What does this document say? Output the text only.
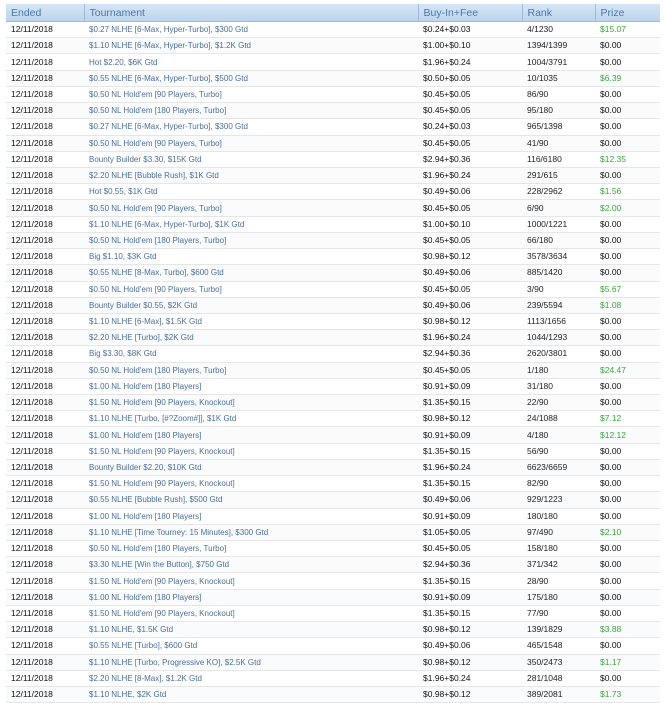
Ended	Tournament	Buy-In+Fee	Rank	Prize
12/11/2018	$0.27 NLHE [6-Max, Hyper-Turbo], $300 Gtd	$0.24+$0.03	4/1230	$15.07
12/11/2018	$1.10 NLHE [6-Max, Hyper-Turbo], $1.2K Gtd	$1.00+$0.10	1394/1399	$0.00
12/11/2018	Hot $2.20, $6K Gtd	$1.96+$0.24	1004/3791	$0.00
12/11/2018	$0.55 NLHE [6-Max, Hyper-Turbo], $500 Gtd	$0.50+$0.05	10/1035	$6.39
12/11/2018	$0.50 NL Hold'em [90 Players, Turbo]	$0.45+$0.05	86/90	$0.00
12/11/2018	$0.50 NL Hold'em [180 Players, Turbo]	$0.45+$0.05	95/180	$0.00
12/11/2018	$0.27 NLHE [6-Max, Hyper-Turbo], $300 Gtd	$0.24+$0.03	965/1398	$0.00
12/11/2018	$0.50 NL Hold'em [90 Players, Turbo]	$0.45+$0.05	41/90	$0.00
12/11/2018	Bounty Builder $3.30, $15K Gtd	$2.94+$0.36	116/6180	$12.35
12/11/2018	$2.20 NLHE [Bubble Rush], $1K Gtd	$1.96+$0.24	291/615	$0.00
12/11/2018	Hot $0.55, $1K Gtd	$0.49+$0.06	228/2962	$1.56
12/11/2018	$0.50 NL Hold'em [90 Players, Turbo]	$0.45+$0.05	6/90	$2.00
12/11/2018	$1.10 NLHE [6-Max, Hyper-Turbo], $1K Gtd	$1.00+$0.10	1000/1221	$0.00
12/11/2018	$0.50 NL Hold'em [180 Players, Turbo]	$0.45+$0.05	66/180	$0.00
12/11/2018	Big $1.10, $3K Gtd	$0.98+$0.12	3578/3634	$0.00
12/11/2018	$0.55 NLHE [8-Max, Turbo], $600 Gtd	$0.49+$0.06	885/1420	$0.00
12/11/2018	$0.50 NL Hold'em [90 Players, Turbo]	$0.45+$0.05	3/90	$5.67
12/11/2018	Bounty Builder $0.55, $2K Gtd	$0.49+$0.06	239/5594	$1.08
12/11/2018	$1.10 NLHE [6-Max], $1.5K Gtd	$0.98+$0.12	1113/1656	$0.00
12/11/2018	$2.20 NLHE [Turbo], $2K Gtd	$1.96+$0.24	1044/1293	$0.00
12/11/2018	Big $3.30, $8K Gtd	$2.94+$0.36	2620/3801	$0.00
12/11/2018	$0.50 NL Hold'em [180 Players, Turbo]	$0.45+$0.05	1/180	$24.47
12/11/2018	$1.00 NL Hold'em [180 Players]	$0.91+$0.09	31/180	$0.00
12/11/2018	$1.50 NL Hold'em [90 Players, Knockout]	$1.35+$0.15	22/90	$0.00
12/11/2018	$1.10 NLHE [Turbo, [#?Zoom#]], $1K Gtd	$0.98+$0.12	24/1088	$7.12
12/11/2018	$1.00 NL Hold'em [180 Players]	$0.91+$0.09	4/180	$12.12
12/11/2018	$1.50 NL Hold'em [90 Players, Knockout]	$1.35+$0.15	56/90	$0.00
12/11/2018	Bounty Builder $2.20, $10K Gtd	$1.96+$0.24	6623/6659	$0.00
12/11/2018	$1.50 NL Hold'em [90 Players, Knockout]	$1.35+$0.15	82/90	$0.00
12/11/2018	$0.55 NLHE [Bubble Rush], $500 Gtd	$0.49+$0.06	929/1223	$0.00
12/11/2018	$1.00 NL Hold'em [180 Players]	$0.91+$0.09	180/180	$0.00
12/11/2018	$1.10 NLHE [Time Tourney: 15 Minutes], $300 Gtd	$1.05+$0.05	97/490	$2.10
12/11/2018	$0.50 NL Hold'em [180 Players, Turbo]	$0.45+$0.05	158/180	$0.00
12/11/2018	$3.30 NLHE [Win the Button], $750 Gtd	$2.94+$0.36	371/342	$0.00
12/11/2018	$1.50 NL Hold'em [90 Players, Knockout]	$1.35+$0.15	28/90	$0.00
12/11/2018	$1.00 NL Hold'em [180 Players]	$0.91+$0.09	175/180	$0.00
12/11/2018	$1.50 NL Hold'em [90 Players, Knockout]	$1.35+$0.15	77/90	$0.00
12/11/2018	$1.10 NLHE, $1.5K Gtd	$0.98+$0.12	139/1829	$3.88
12/11/2018	$0.55 NLHE [Turbo], $600 Gtd	$0.49+$0.06	465/1548	$0.00
12/11/2018	$1.10 NLHE [Turbo, Progressive KO], $2.5K Gtd	$0.98+$0.12	350/2473	$1.17
12/11/2018	$2.20 NLHE [8-Max], $1.2K Gtd	$1.96+$0.24	281/1048	$0.00
12/11/2018	$1.10 NLHE, $2K Gtd	$0.98+$0.12	389/2081	$1.73
